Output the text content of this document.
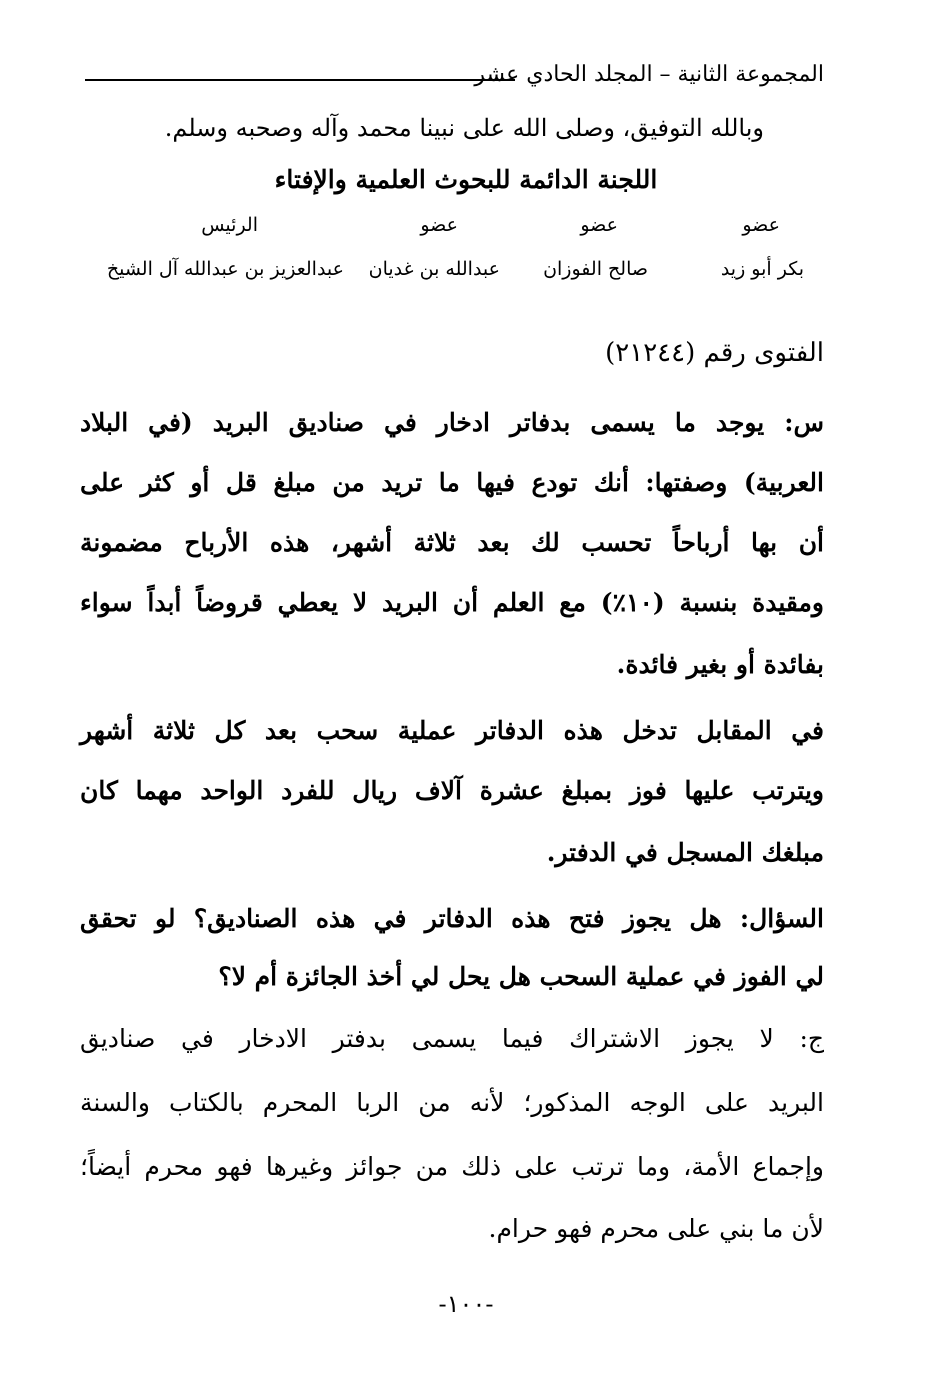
المجموعة الثانية – المجلد الحادي عشر
وبالله التوفيق، وصلى الله على نبينا محمد وآله وصحبه وسلم.
اللجنة الدائمة للبحوث العلمية والإفتاء
عضو
عضو
عضو
الرئيس
بكر أبو زيد
صالح الفوزان
عبدالله بن غديان
عبدالعزيز بن عبدالله آل الشيخ
الفتوى رقم (٢١٢٤٤)
س: يوجد ما يسمى بدفاتر ادخار في صناديق البريد (في البلاد
العربية) وصفتها: أنك تودع فيها ما تريد من مبلغ قل أو كثر على
أن بها أرباحاً تحسب لك بعد ثلاثة أشهر، هذه الأرباح مضمونة
ومقيدة بنسبة (١٠٪) مع العلم أن البريد لا يعطي قروضاً أبداً سواء
بفائدة أو بغير فائدة.
في المقابل تدخل هذه الدفاتر عملية سحب بعد كل ثلاثة أشهر
ويترتب عليها فوز بمبلغ عشرة آلاف ريال للفرد الواحد مهما كان
مبلغك المسجل في الدفتر.
السؤال: هل يجوز فتح هذه الدفاتر في هذه الصناديق؟ لو تحقق
لي الفوز في عملية السحب هل يحل لي أخذ الجائزة أم لا؟
ج: لا يجوز الاشتراك فيما يسمى بدفتر الادخار في صناديق
البريد على الوجه المذكور؛ لأنه من الربا المحرم بالكتاب والسنة
وإجماع الأمة، وما ترتب على ذلك من جوائز وغيرها فهو محرم أيضاً؛
لأن ما بني على محرم فهو حرام.
-١٠٠-
